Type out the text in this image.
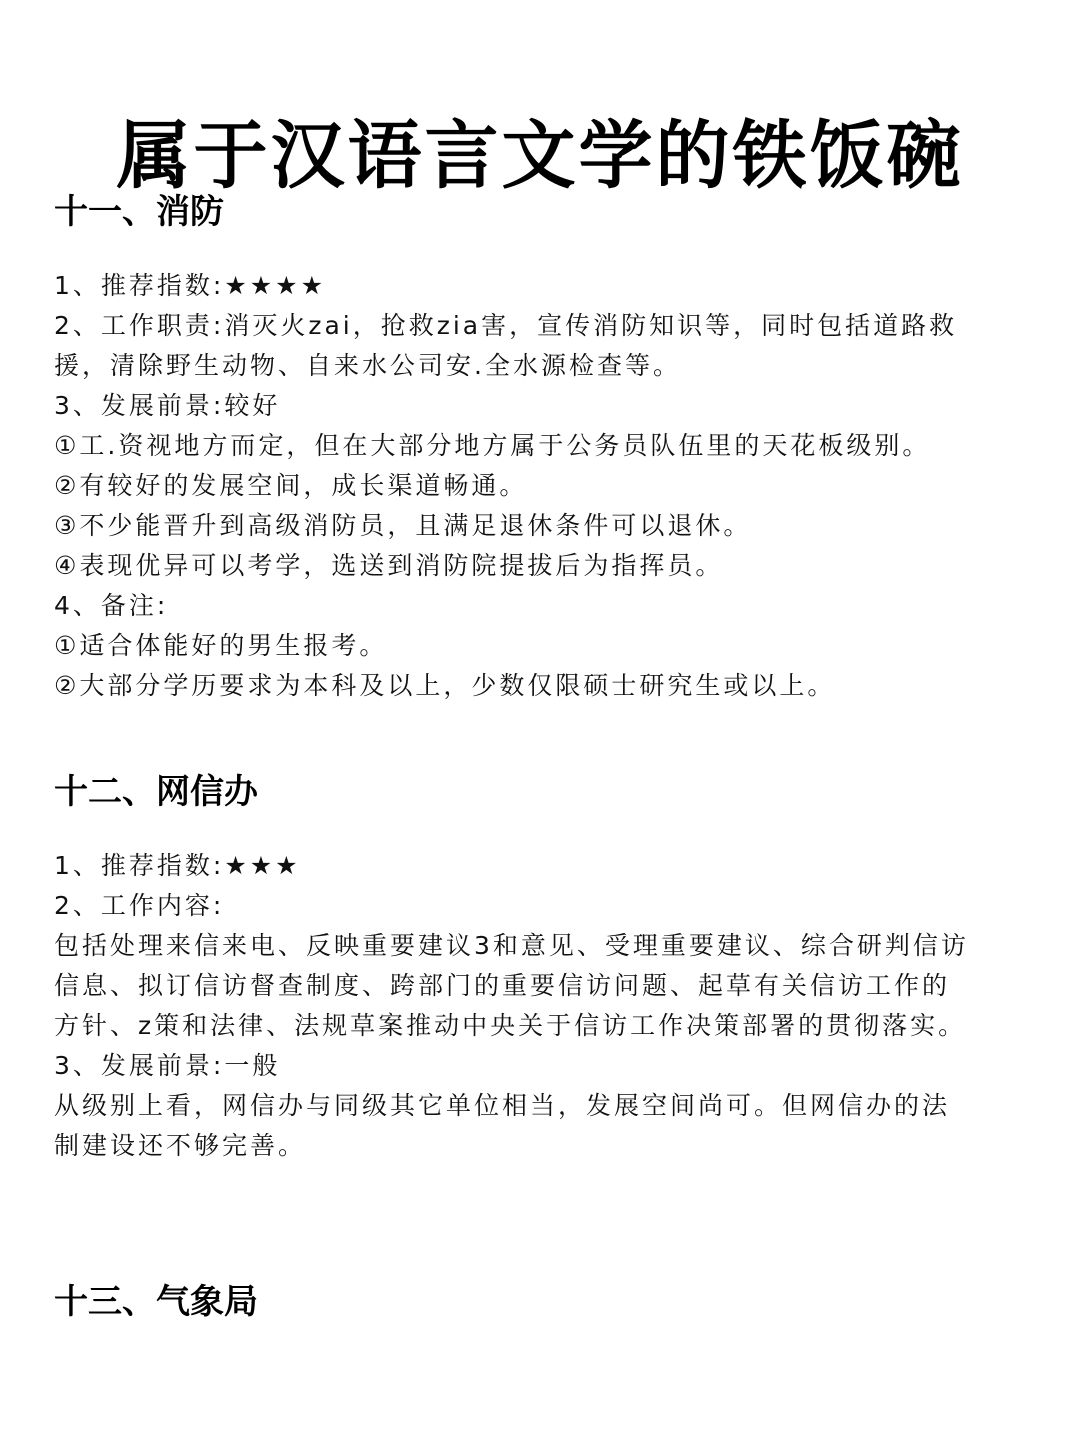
属于汉语言文学的铁饭碗
十一、消防
1、推荐指数:★★★★
2、工作职责:消灭火zai，抢救zia害，宣传消防知识等，同时包括道路救援，清除野生动物、自来水公司安.全水源检查等。
3、发展前景:较好
①工.资视地方而定，但在大部分地方属于公务员队伍里的天花板级别。
②有较好的发展空间，成长渠道畅通。
③不少能晋升到高级消防员，且满足退休条件可以退休。
④表现优异可以考学，选送到消防院提拔后为指挥员。
4、备注:
①适合体能好的男生报考。
②大部分学历要求为本科及以上，少数仅限硕士研究生或以上。
十二、网信办
1、推荐指数:★★★
2、工作内容:
包括处理来信来电、反映重要建议3和意见、受理重要建议、综合研判信访信息、拟订信访督查制度、跨部门的重要信访问题、起草有关信访工作的方针、z策和法律、法规草案推动中央关于信访工作决策部署的贯彻落实。
3、发展前景:一般
从级别上看，网信办与同级其它单位相当，发展空间尚可。但网信办的法制建设还不够完善。
十三、气象局
